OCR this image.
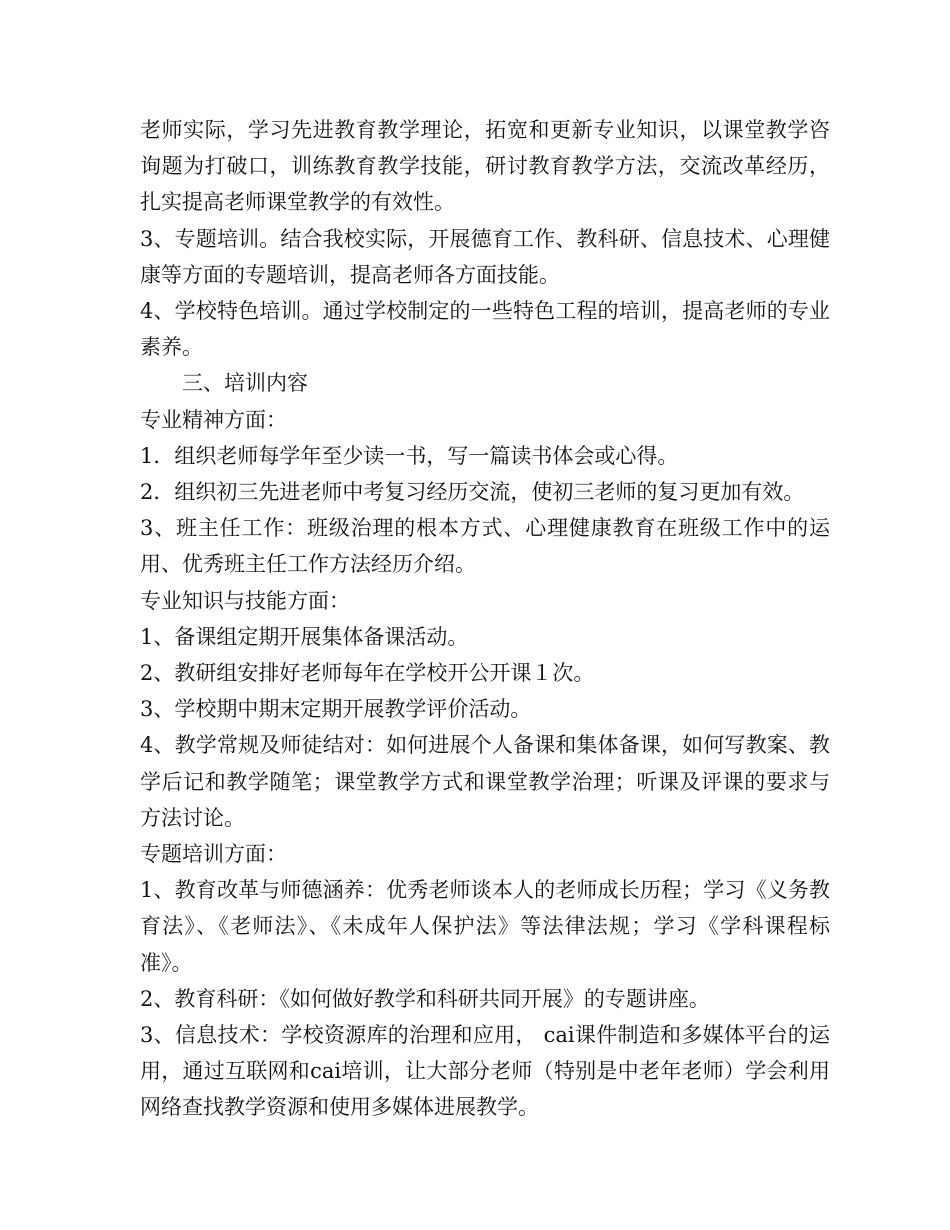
老师实际，学习先进教育教学理论，拓宽和更新专业知识，以课堂教学咨询题为打破口，训练教育教学技能，研讨教育教学方法，交流改革经历，扎实提高老师课堂教学的有效性。

3、专题培训。结合我校实际，开展德育工作、教科研、信息技术、心理健康等方面的专题培训，提高老师各方面技能。

4、学校特色培训。通过学校制定的一些特色工程的培训，提高老师的专业素养。

三、培训内容

专业精神方面：

1．组织老师每学年至少读一书，写一篇读书体会或心得。

2．组织初三先进老师中考复习经历交流，使初三老师的复习更加有效。

3、班主任工作：班级治理的根本方式、心理健康教育在班级工作中的运用、优秀班主任工作方法经历介绍。

专业知识与技能方面：

1、备课组定期开展集体备课活动。

2、教研组安排好老师每年在学校开公开课１次。

3、学校期中期末定期开展教学评价活动。

4、教学常规及师徒结对：如何进展个人备课和集体备课，如何写教案、教学后记和教学随笔；课堂教学方式和课堂教学治理；听课及评课的要求与方法讨论。

专题培训方面：

1、教育改革与师德涵养：优秀老师谈本人的老师成长历程；学习《义务教育法》、《老师法》、《未成年人保护法》等法律法规；学习《学科课程标准》。

2、教育科研：《如何做好教学和科研共同开展》的专题讲座。

3、信息技术：学校资源库的治理和应用， cai课件制造和多媒体平台的运用，通过互联网和cai培训，让大部分老师（特别是中老年老师）学会利用网络查找教学资源和使用多媒体进展教学。
